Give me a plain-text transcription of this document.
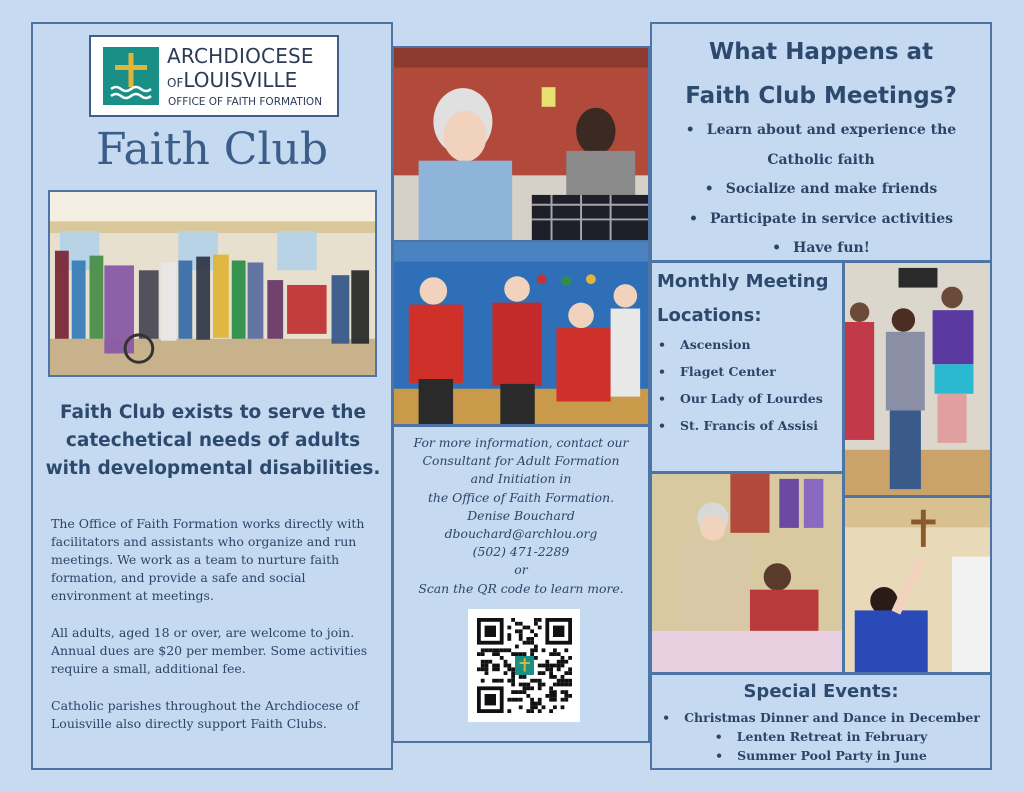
ARCHDIOCESE
OFLOUISVILLE
OFFICE OF FAITH FORMATION
Faith Club
Faith Club exists to serve the catechetical needs of adults with developmental disabilities.

The Office of Faith Formation works directly with facilitators and assistants who organize and run meetings. We work as a team to nurture faith formation, and provide a safe and social environment at meetings.

All adults, aged 18 or over, are welcome to join. Annual dues are $20 per member. Some activities require a small, additional fee.

Catholic parishes throughout the Archdiocese of Louisville also directly support Faith Clubs.

For more information, contact our
Consultant for Adult Formation
and Initiation in
the Office of Faith Formation.
Denise Bouchard
dbouchard@archlou.org
(502) 471-2289
or
Scan the QR code to learn more.
What Happens at
Faith Club Meetings?
• Learn about and experience the
Catholic faith
• Socialize and make friends
• Participate in service activities
• Have fun!
Monthly Meeting
Locations:
• Ascension
• Flaget Center
• Our Lady of Lourdes
• St. Francis of Assisi
Special Events:
• Christmas Dinner and Dance in December
• Lenten Retreat in February
• Summer Pool Party in June
